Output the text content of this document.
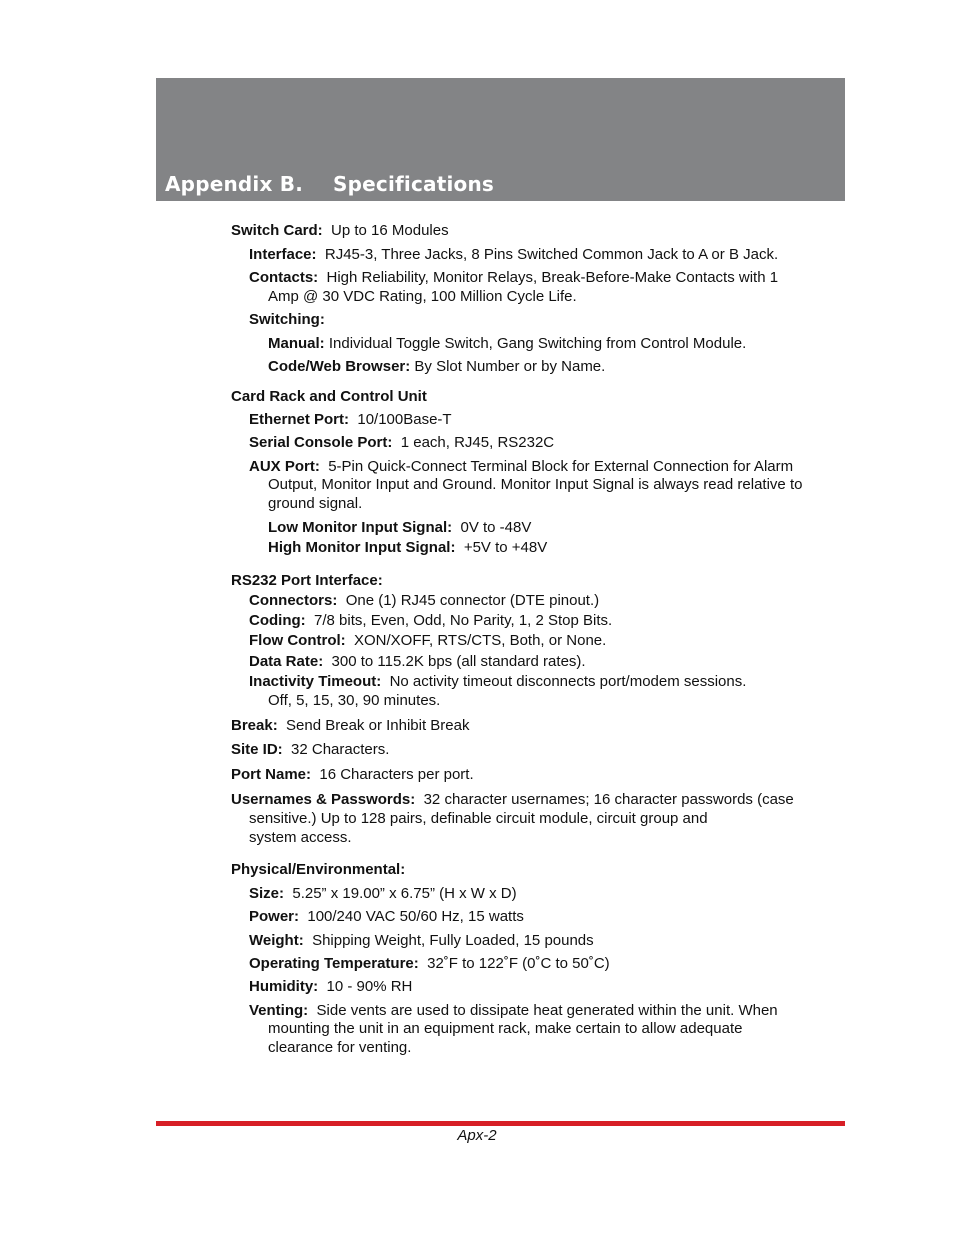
Appendix B. Specifications
Switch Card: Up to 16 Modules
Interface: RJ45-3, Three Jacks, 8 Pins Switched Common Jack to A or B Jack.
Contacts: High Reliability, Monitor Relays, Break-Before-Make Contacts with 1
Amp @ 30 VDC Rating, 100 Million Cycle Life.
Switching:
Manual: Individual Toggle Switch, Gang Switching from Control Module.
Code/Web Browser: By Slot Number or by Name.
Card Rack and Control Unit
Ethernet Port: 10/100Base-T
Serial Console Port: 1 each, RJ45, RS232C
AUX Port: 5-Pin Quick-Connect Terminal Block for External Connection for Alarm
Output, Monitor Input and Ground. Monitor Input Signal is always read relative to
ground signal.
Low Monitor Input Signal: 0V to -48V
High Monitor Input Signal: +5V to +48V
RS232 Port Interface:
Connectors: One (1) RJ45 connector (DTE pinout.)
Coding: 7/8 bits, Even, Odd, No Parity, 1, 2 Stop Bits.
Flow Control: XON/XOFF, RTS/CTS, Both, or None.
Data Rate: 300 to 115.2K bps (all standard rates).
Inactivity Timeout: No activity timeout disconnects port/modem sessions.
Off, 5, 15, 30, 90 minutes.
Break: Send Break or Inhibit Break
Site ID: 32 Characters.
Port Name: 16 Characters per port.
Usernames & Passwords: 32 character usernames; 16 character passwords (case
sensitive.) Up to 128 pairs, definable circuit module, circuit group and
system access.
Physical/Environmental:
Size: 5.25” x 19.00” x 6.75” (H x W x D)
Power: 100/240 VAC 50/60 Hz, 15 watts
Weight: Shipping Weight, Fully Loaded, 15 pounds
Operating Temperature: 32˚F to 122˚F (0˚C to 50˚C)
Humidity: 10 - 90% RH
Venting: Side vents are used to dissipate heat generated within the unit. When
mounting the unit in an equipment rack, make certain to allow adequate
clearance for venting.
Apx-2
